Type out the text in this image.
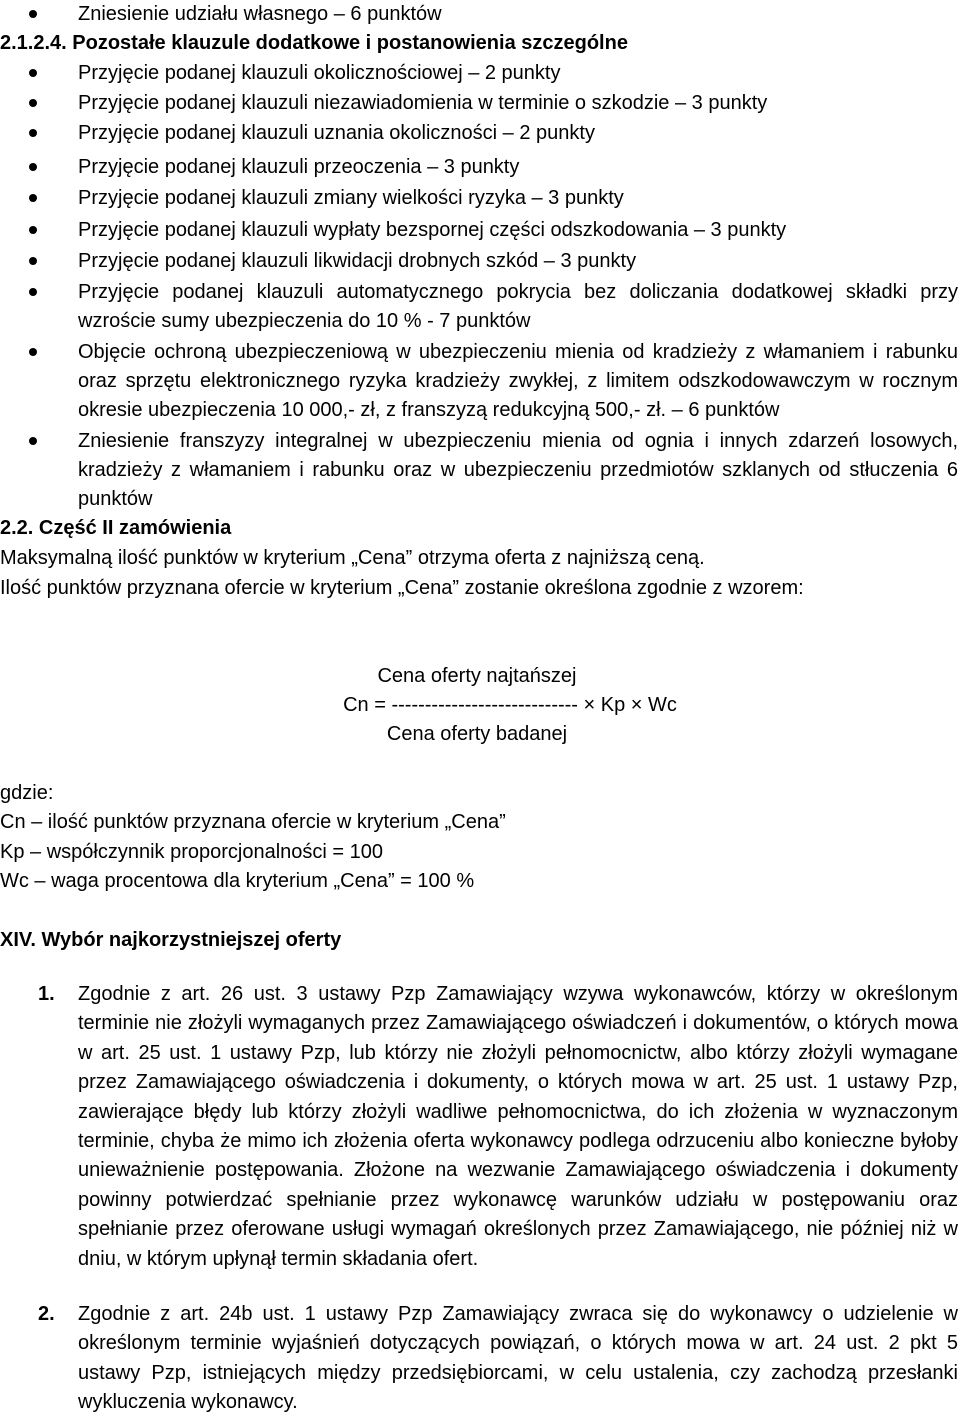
Zniesienie udziału własnego – 6 punktów
2.1.2.4. Pozostałe klauzule dodatkowe i postanowienia szczególne
Przyjęcie podanej klauzuli okolicznościowej – 2 punkty
Przyjęcie podanej klauzuli niezawiadomienia w terminie o szkodzie – 3 punkty
Przyjęcie podanej klauzuli uznania okoliczności – 2 punkty
Przyjęcie podanej klauzuli przeoczenia – 3 punkty
Przyjęcie podanej klauzuli zmiany wielkości ryzyka – 3 punkty
Przyjęcie podanej klauzuli wypłaty bezspornej części odszkodowania – 3 punkty
Przyjęcie podanej klauzuli likwidacji drobnych szkód – 3 punkty
Przyjęcie podanej klauzuli automatycznego pokrycia bez doliczania dodatkowej składki przy wzroście sumy ubezpieczenia do 10 % - 7 punktów
Objęcie ochroną ubezpieczeniową w ubezpieczeniu mienia od kradzieży z włamaniem i rabunku oraz sprzętu elektronicznego ryzyka kradzieży zwykłej, z limitem odszkodowawczym w rocznym okresie ubezpieczenia 10 000,- zł, z franszyzą redukcyjną 500,- zł. – 6 punktów
Zniesienie franszyzy integralnej w ubezpieczeniu mienia od ognia i innych zdarzeń losowych, kradzieży z włamaniem i rabunku oraz w ubezpieczeniu przedmiotów szklanych od stłuczenia 6 punktów
2.2. Część II zamówienia
Maksymalną ilość punktów w kryterium „Cena” otrzyma oferta z najniższą ceną.
Ilość punktów przyznana ofercie w kryterium „Cena” zostanie określona zgodnie z wzorem:
Cena oferty najtańszej
Cn = ---------------------------- × Kp × Wc
Cena oferty badanej
gdzie:
Cn – ilość punktów przyznana ofercie w kryterium „Cena”
Kp – współczynnik proporcjonalności = 100
Wc – waga procentowa dla kryterium „Cena” = 100 %
XIV. Wybór najkorzystniejszej oferty
1. Zgodnie z art. 26 ust. 3 ustawy Pzp Zamawiający wzywa wykonawców, którzy w określonym terminie nie złożyli wymaganych przez Zamawiającego oświadczeń i dokumentów, o których mowa w art. 25 ust. 1 ustawy Pzp, lub którzy nie złożyli pełnomocnictw, albo którzy złożyli wymagane przez Zamawiającego oświadczenia i dokumenty, o których mowa w art. 25 ust. 1 ustawy Pzp, zawierające błędy lub którzy złożyli wadliwe pełnomocnictwa, do ich złożenia w wyznaczonym terminie, chyba że mimo ich złożenia oferta wykonawcy podlega odrzuceniu albo konieczne byłoby unieważnienie postępowania. Złożone na wezwanie Zamawiającego oświadczenia i dokumenty powinny potwierdzać spełnianie przez wykonawcę warunków udziału w postępowaniu oraz spełnianie przez oferowane usługi wymagań określonych przez Zamawiającego, nie później niż w dniu, w którym upłynął termin składania ofert.
2. Zgodnie z art. 24b ust. 1 ustawy Pzp Zamawiający zwraca się do wykonawcy o udzielenie w określonym terminie wyjaśnień dotyczących powiązań, o których mowa w art. 24 ust. 2 pkt 5 ustawy Pzp, istniejących między przedsiębiorcami, w celu ustalenia, czy zachodzą przesłanki wykluczenia wykonawcy.
